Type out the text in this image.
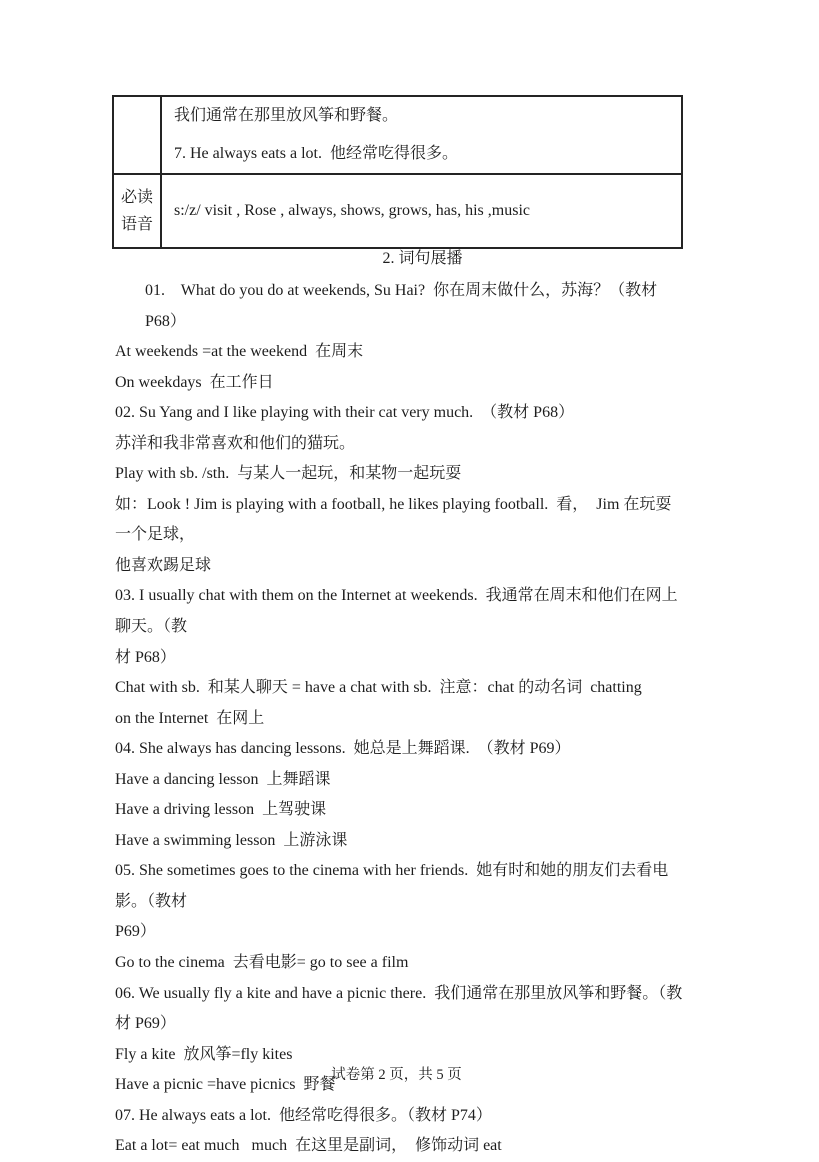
	我们通常在那里放风筝和野餐。
7. He always eats a lot.  他经常吃得很多。

必读
语音	s:/z/ visit , Rose , always, shows, grows, has, his ,music
2. 词句展播
01.    What do you do at weekends, Su Hai?  你在周末做什么，苏海？（教材 P68）
At weekends =at the weekend  在周末
On weekdays  在工作日
02. Su Yang and I like playing with their cat very much.  （教材 P68）
苏洋和我非常喜欢和他们的猫玩。
Play with sb. /sth.  与某人一起玩，和某物一起玩耍
如：Look ! Jim is playing with a football, he likes playing football.  看，  Jim 在玩耍一个足球，
他喜欢踢足球
03. I usually chat with them on the Internet at weekends.  我通常在周末和他们在网上聊天。（教
材 P68）
Chat with sb.  和某人聊天 = have a chat with sb.  注意：chat 的动名词  chatting
on the Internet  在网上
04. She always has dancing lessons.  她总是上舞蹈课.  （教材 P69）
Have a dancing lesson  上舞蹈课
Have a driving lesson  上驾驶课
Have a swimming lesson  上游泳课
05. She sometimes goes to the cinema with her friends.  她有时和她的朋友们去看电影。（教材
P69）
Go to the cinema  去看电影= go to see a film
06. We usually fly a kite and have a picnic there.  我们通常在那里放风筝和野餐。（教材 P69）
Fly a kite  放风筝=fly kites
Have a picnic =have picnics  野餐
07. He always eats a lot.  他经常吃得很多。（教材 P74）
Eat a lot= eat much   much  在这里是副词，  修饰动词 eat
试卷第 2 页，共 5 页
